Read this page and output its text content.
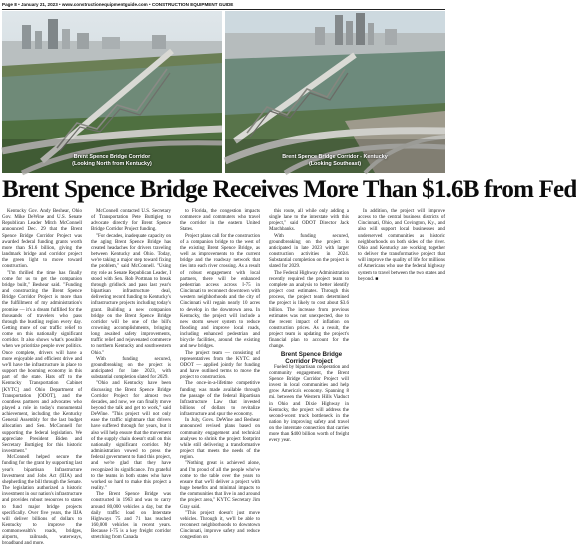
Page 8 • January 21, 2023 • www.constructionequipmentguide.com • CONSTRUCTION EQUIPMENT GUIDE
Brent Spence Bridge Corridor
(Looking North from Kentucky)
Brent Spence Bridge Corridor - Kentucky
(Looking Southeast)
Brent Spence Bridge Receives More Than $1.6B from Fed

Kentucky Gov. Andy Beshear, Ohio Gov. Mike DeWine and U.S. Senate Republican Leader Mitch McConnell announced Dec. 29 that the Brent Spence Bridge Corridor Project was awarded federal funding grants worth more than $1.6 billion, giving the landmark bridge and corridor project the green light to move toward construction.

"I'm thrilled the time has finally come for us to get the companion bridge built," Beshear said. "Funding and constructing the Brent Spence Bridge Corridor Project is more than the fulfillment of my administration's promise — it's a dream fulfilled for the thousands of travelers who pass through the bustling region every day. Getting more of our traffic relief to come on this nationally significant corridor. It also shows what's possible when we prioritize people over politics. Once complete, drivers will have a more enjoyable and efficient drive and we'll have the infrastructure in place to support the booming economy in this part of the state. Hats off to the Kentucky Transportation Cabinet [KYTC] and Ohio Department of Transportation [ODOT], and the countless partners and advocates who played a role in today's monumental achievement, including the Kentucky General Assembly for the last budget allocation and Sen. McConnell for supporting the federal legislation. We appreciate President Biden and Secretary Buttigieg for this historic investment."

McConnell helped secure the funding for the grant by supporting last year's bipartisan Infrastructure Investment and Jobs Act (IIJA) and shepherding the bill through the Senate. The legislation authorized a historic investment in our nation's infrastructure and provides robust resources to states to fund major bridge projects specifically. Over five years, the IIJA will deliver billions of dollars to Kentucky to improve the commonwealth's roads, bridges, airports, railroads, waterways, broadband and more.

McConnell contacted U.S. Secretary of Transportation Pete Buttigieg to advocate directly for Brent Spence Bridge Corridor Project funding.

"For decades, inadequate capacity on the aging Brent Spence Bridge has created headaches for drivers traveling between Kentucky and Ohio. Today, we're taking a major step toward fixing the problem," said McConnell. "Using my role as Senate Republican Leader, I stood with Sen. Rob Portman to break through gridlock and pass last year's bipartisan infrastructure deal, delivering record funding to Kentucky's infrastructure projects including today's grant. Building a new companion bridge on the Brent Spence Bridge corridor will be one of the bill's crowning accomplishments, bringing long awaited safety improvements, traffic relief and rejuvenated commerce to northern Kentucky and southwestern Ohio."

With funding secured, groundbreaking on the project is anticipated for late 2023, with substantial completion slated for 2029.

"Ohio and Kentucky have been discussing the Brent Spence Bridge Corridor Project for almost two decades, and now, we can finally move beyond the talk and get to work," said DeWine. "This project will not only ease the traffic nightmare that drivers have suffered through for years, but it also will help ensure that the movement of the supply chain doesn't stall on this nationally significant corridor. My administration vowed to press the federal government to fund this project, and we're glad that they have recognized its significance. I'm grateful to the teams in both states who have worked so hard to make this project a reality."

The Brent Spence Bridge was constructed in 1963 and was to carry around 80,000 vehicles a day, but the daily traffic load on Interstate Highways 75 and 71 has reached 160,000 vehicles in recent years. Because I-75 is a key freight corridor stretching from Canada

to Florida, the congestion impacts commerce and commuters who travel the corridor in the eastern United States.

Project plans call for the construction of a companion bridge to the west of the existing Brent Spence Bridge, as well as improvements to the current bridge and the roadway network that ties into each river crossing. As a result of robust engagement with local partners, there will be enhanced pedestrian access across I-75 in Cincinnati to reconnect downtown with western neighborhoods and the city of Cincinnati will regain nearly 10 acres to develop in the downtown area. In Kentucky, the project will include a new storm sewer system to reduce flooding and improve local roads, including enhanced pedestrian and bicycle facilities, around the existing and new bridges.

The project team — consisting of representatives from the KYTC and ODOT — applied jointly for funding and have outlined terms to move the project to construction.

The once-in-a-lifetime competitive funding was made available through the passage of the federal Bipartisan Infrastructure Law that invested billions of dollars to revitalize infrastructure and spur the economy.

In July, Govs. DeWine and Beshear announced revised plans based on community engagement and technical analyses to shrink the project footprint while still delivering a transformative project that meets the needs of the region.

"Nothing great is achieved alone, and I'm proud of all the people who've come to the table over the years to ensure that we'll deliver a project with huge benefits and minimal impacts to the communities that live in and around the project area," KYTC Secretary Jim Gray said.

"This project doesn't just move vehicles. Through it, we'll be able to reconnect neighborhoods to downtown Cincinnati, improve safety and reduce congestion on

this route, all while only adding a single lane to the interstate with this project," said ODOT Director Jack Marchbanks.

With funding secured, groundbreaking on the project is anticipated in late 2023 with larger construction activities in 2024. Substantial completion on the project is slated for 2029.

The Federal Highway Administration recently required the project team to complete an analysis to better identify project cost estimates. Through this process, the project team determined the project is likely to cost about $3.6 billion. The increase from previous estimates was not unexpected, due to the recent impact of inflation on construction prices. As a result, the project team is updating the project's financial plan to account for the change.

Brent Spence Bridge Corridor Project

Fueled by bipartisan cooperation and community engagement, the Brent Spence Bridge Corridor Project will invest in local communities and help grow America's economy. Spanning 8 mi. between the Western Hills Viaduct in Ohio and Dixie Highway in Kentucky, the project will address the second-worst truck bottleneck in the nation by improving safety and travel on the interstate connection that carries more than $400 billion worth of freight every year.

In addition, the project will improve access to the central business districts of Cincinnati, Ohio, and Covington, Ky., and also will support local businesses and underserved communities as historic neighborhoods on both sides of the river. Ohio and Kentucky are working together to deliver the transformative project that will improve the quality of life for millions of Americans who use the federal highway system to travel between the two states and beyond. ■
